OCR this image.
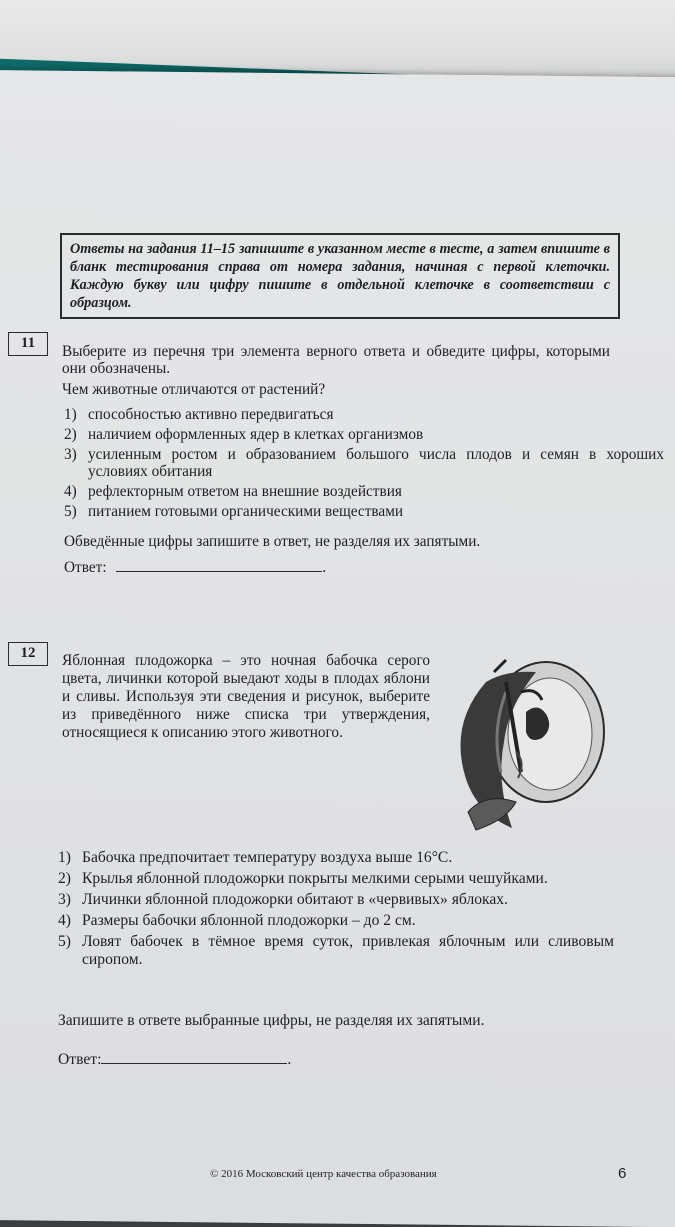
Ответы на задания 11–15 запишите в указанном месте в тесте, а затем впишите в бланк тестирования справа от номера задания, начиная с первой клеточки. Каждую букву или цифру пишите в отдельной клеточке в соответствии с образцом.
11	Выберите из перечня три элемента верного ответа и обведите цифры, которыми они обозначены.
Чем животные отличаются от растений?
1) способностью активно передвигаться
2) наличием оформленных ядер в клетках организмов
3) усиленным ростом и образованием большого числа плодов и семян в хороших условиях обитания
4) рефлекторным ответом на внешние воздействия
5) питанием готовыми органическими веществами
Обведённые цифры запишите в ответ, не разделяя их запятыми.
Ответ:	.
12	Яблонная плодожорка – это ночная бабочка серого цвета, личинки которой выедают ходы в плодах яблони и сливы. Используя эти сведения и рисунок, выберите из приведённого ниже списка три утверждения, относящиеся к описанию этого животного.
1) Бабочка предпочитает температуру воздуха выше 16°C.
2) Крылья яблонной плодожорки покрыты мелкими серыми чешуйками.
3) Личинки яблонной плодожорки обитают в «червивых» яблоках.
4) Размеры бабочки яблонной плодожорки – до 2 см.
5) Ловят бабочек в тёмное время суток, привлекая яблочным или сливовым сиропом.
Запишите в ответе выбранные цифры, не разделяя их запятыми.
Ответ:	.
© 2016 Московский центр качества образования	6
